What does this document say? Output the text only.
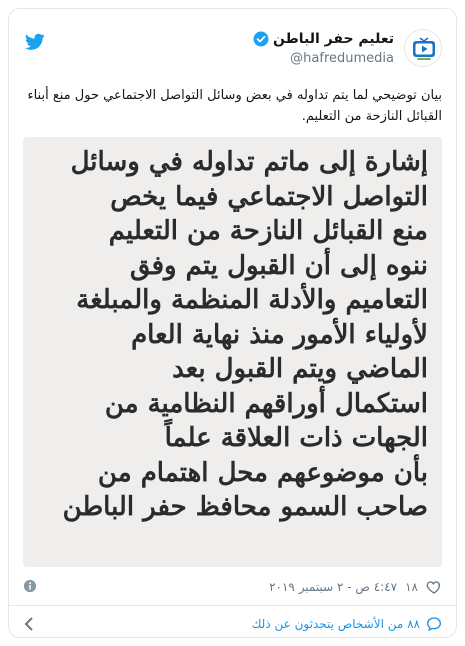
تعليم حفر الباطن
@hafredumedia
بيان توضيحي لما يتم تداوله في بعض وسائل التواصل الاجتماعي حول منع أبناء القبائل النازحة من التعليم.
إشارة إلى ماتم تداوله في وسائل
التواصل الاجتماعي فيما يخص
منع القبائل النازحة من التعليم
ننوه إلى أن القبول يتم وفق
التعاميم والأدلة المنظمة والمبلغة
لأولياء الأمور منذ نهاية العام
الماضي ويتم القبول بعد
استكمال أوراقهم النظامية من
الجهات ذات العلاقة علماً
بأن موضوعهم محل اهتمام من
صاحب السمو محافظ حفر الباطن
١٨
٤:٤٧ ص - ٢ سبتمبر ٢٠١٩
٨٨ من الأشخاص يتحدثون عن ذلك
